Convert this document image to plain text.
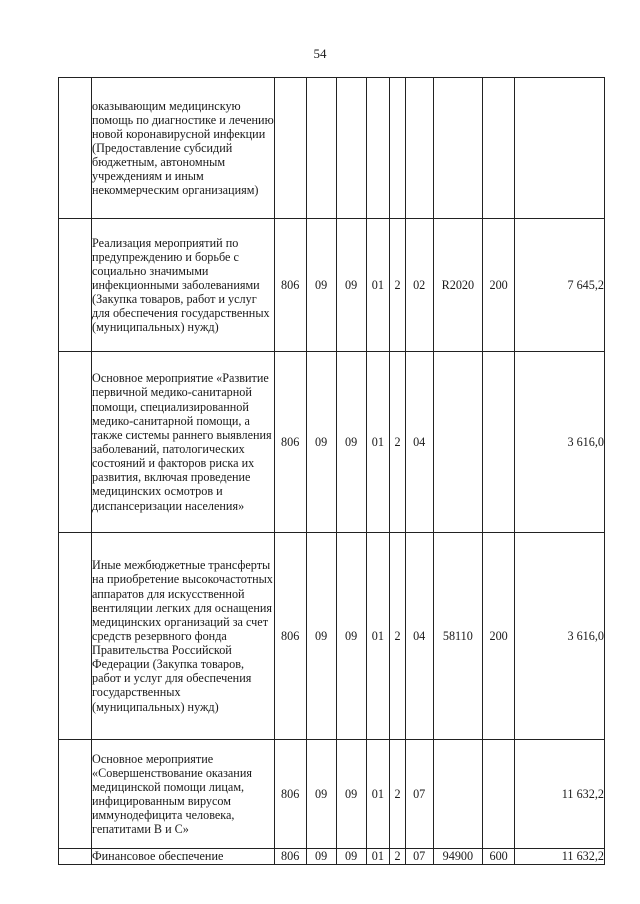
54
	оказывающим медицинскую помощь по диагностике и лечению новой коронавирусной инфекции (Предоставление субсидий бюджетным, автономным учреждениям и иным некоммерческим организациям)									
	Реализация мероприятий по предупреждению и борьбе с социально значимыми инфекционными заболеваниями (Закупка товаров, работ и услуг для обеспечения государственных (муниципальных) нужд)	806	09	09	01	2	02	R2020	200	7 645,2
	Основное мероприятие «Развитие первичной медико-санитарной помощи, специализированной медико-санитарной помощи, а также системы раннего выявления заболеваний, патологических состояний и факторов риска их развития, включая проведение медицинских осмотров и диспансеризации населения»	806	09	09	01	2	04			3 616,0
	Иные межбюджетные трансферты на приобретение высокочастотных аппаратов для искусственной вентиляции легких для оснащения медицинских организаций за счет средств резервного фонда Правительства Российской Федерации (Закупка товаров, работ и услуг для обеспечения государственных (муниципальных) нужд)	806	09	09	01	2	04	58110	200	3 616,0
	Основное мероприятие «Совершенствование оказания медицинской помощи лицам, инфицированным вирусом иммунодефицита человека, гепатитами В и С»	806	09	09	01	2	07			11 632,2
	Финансовое обеспечение	806	09	09	01	2	07	94900	600	11 632,2
